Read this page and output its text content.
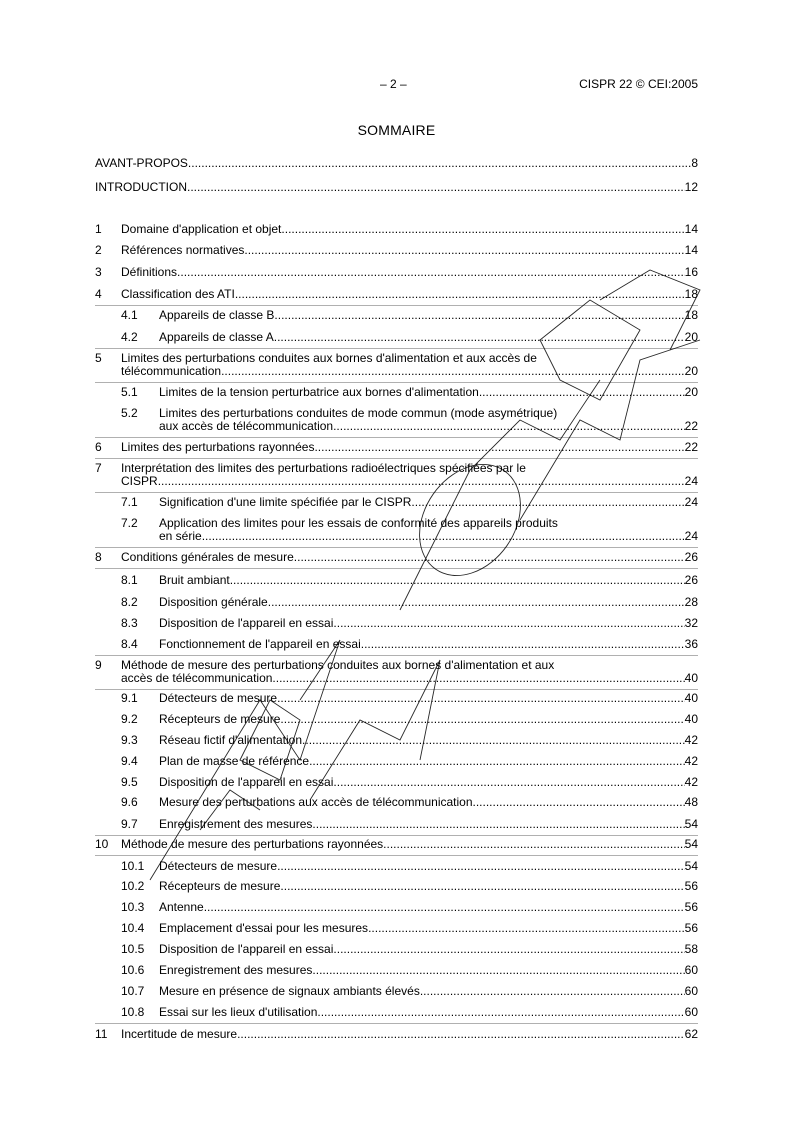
– 2 –	CISPR 22 © CEI:2005
SOMMAIRE
AVANT-PROPOS .....	8
INTRODUCTION .....	12
1	Domaine d'application et objet .....	14
2	Références normatives .....	14
3	Définitions .....	16
4	Classification des ATI .....	18
4.1	Appareils de classe B .....	18
4.2	Appareils de classe A .....	20
5	Limites des perturbations conduites aux bornes d'alimentation et aux accès de
télécommunication .....	20
5.1	Limites de la tension perturbatrice aux bornes d'alimentation .....	20
5.2	Limites des perturbations conduites de mode commun (mode asymétrique)
aux accès de télécommunication .....	22
6	Limites des perturbations rayonnées .....	22
7	Interprétation des limites des perturbations radioélectriques spécifiées par le
CISPR .....	24
7.1	Signification d'une limite spécifiée par le CISPR .....	24
7.2	Application des limites pour les essais de conformité des appareils produits
en série .....	24
8	Conditions générales de mesure .....	26
8.1	Bruit ambiant .....	26
8.2	Disposition générale .....	28
8.3	Disposition de l'appareil en essai .....	32
8.4	Fonctionnement de l'appareil en essai .....	36
9	Méthode de mesure des perturbations conduites aux bornes d'alimentation et aux
accès de télécommunication .....	40
9.1	Détecteurs de mesure .....	40
9.2	Récepteurs de mesure .....	40
9.3	Réseau fictif d'alimentation .....	42
9.4	Plan de masse de référence .....	42
9.5	Disposition de l'appareil en essai .....	42
9.6	Mesure des perturbations aux accès de télécommunication .....	48
9.7	Enregistrement des mesures .....	54
10	Méthode de mesure des perturbations rayonnées .....	54
10.1	Détecteurs de mesure .....	54
10.2	Récepteurs de mesure .....	56
10.3	Antenne .....	56
10.4	Emplacement d'essai pour les mesures .....	56
10.5	Disposition de l'appareil en essai .....	58
10.6	Enregistrement des mesures .....	60
10.7	Mesure en présence de signaux ambiants élevés .....	60
10.8	Essai sur les lieux d'utilisation .....	60
11	Incertitude de mesure .....	62
